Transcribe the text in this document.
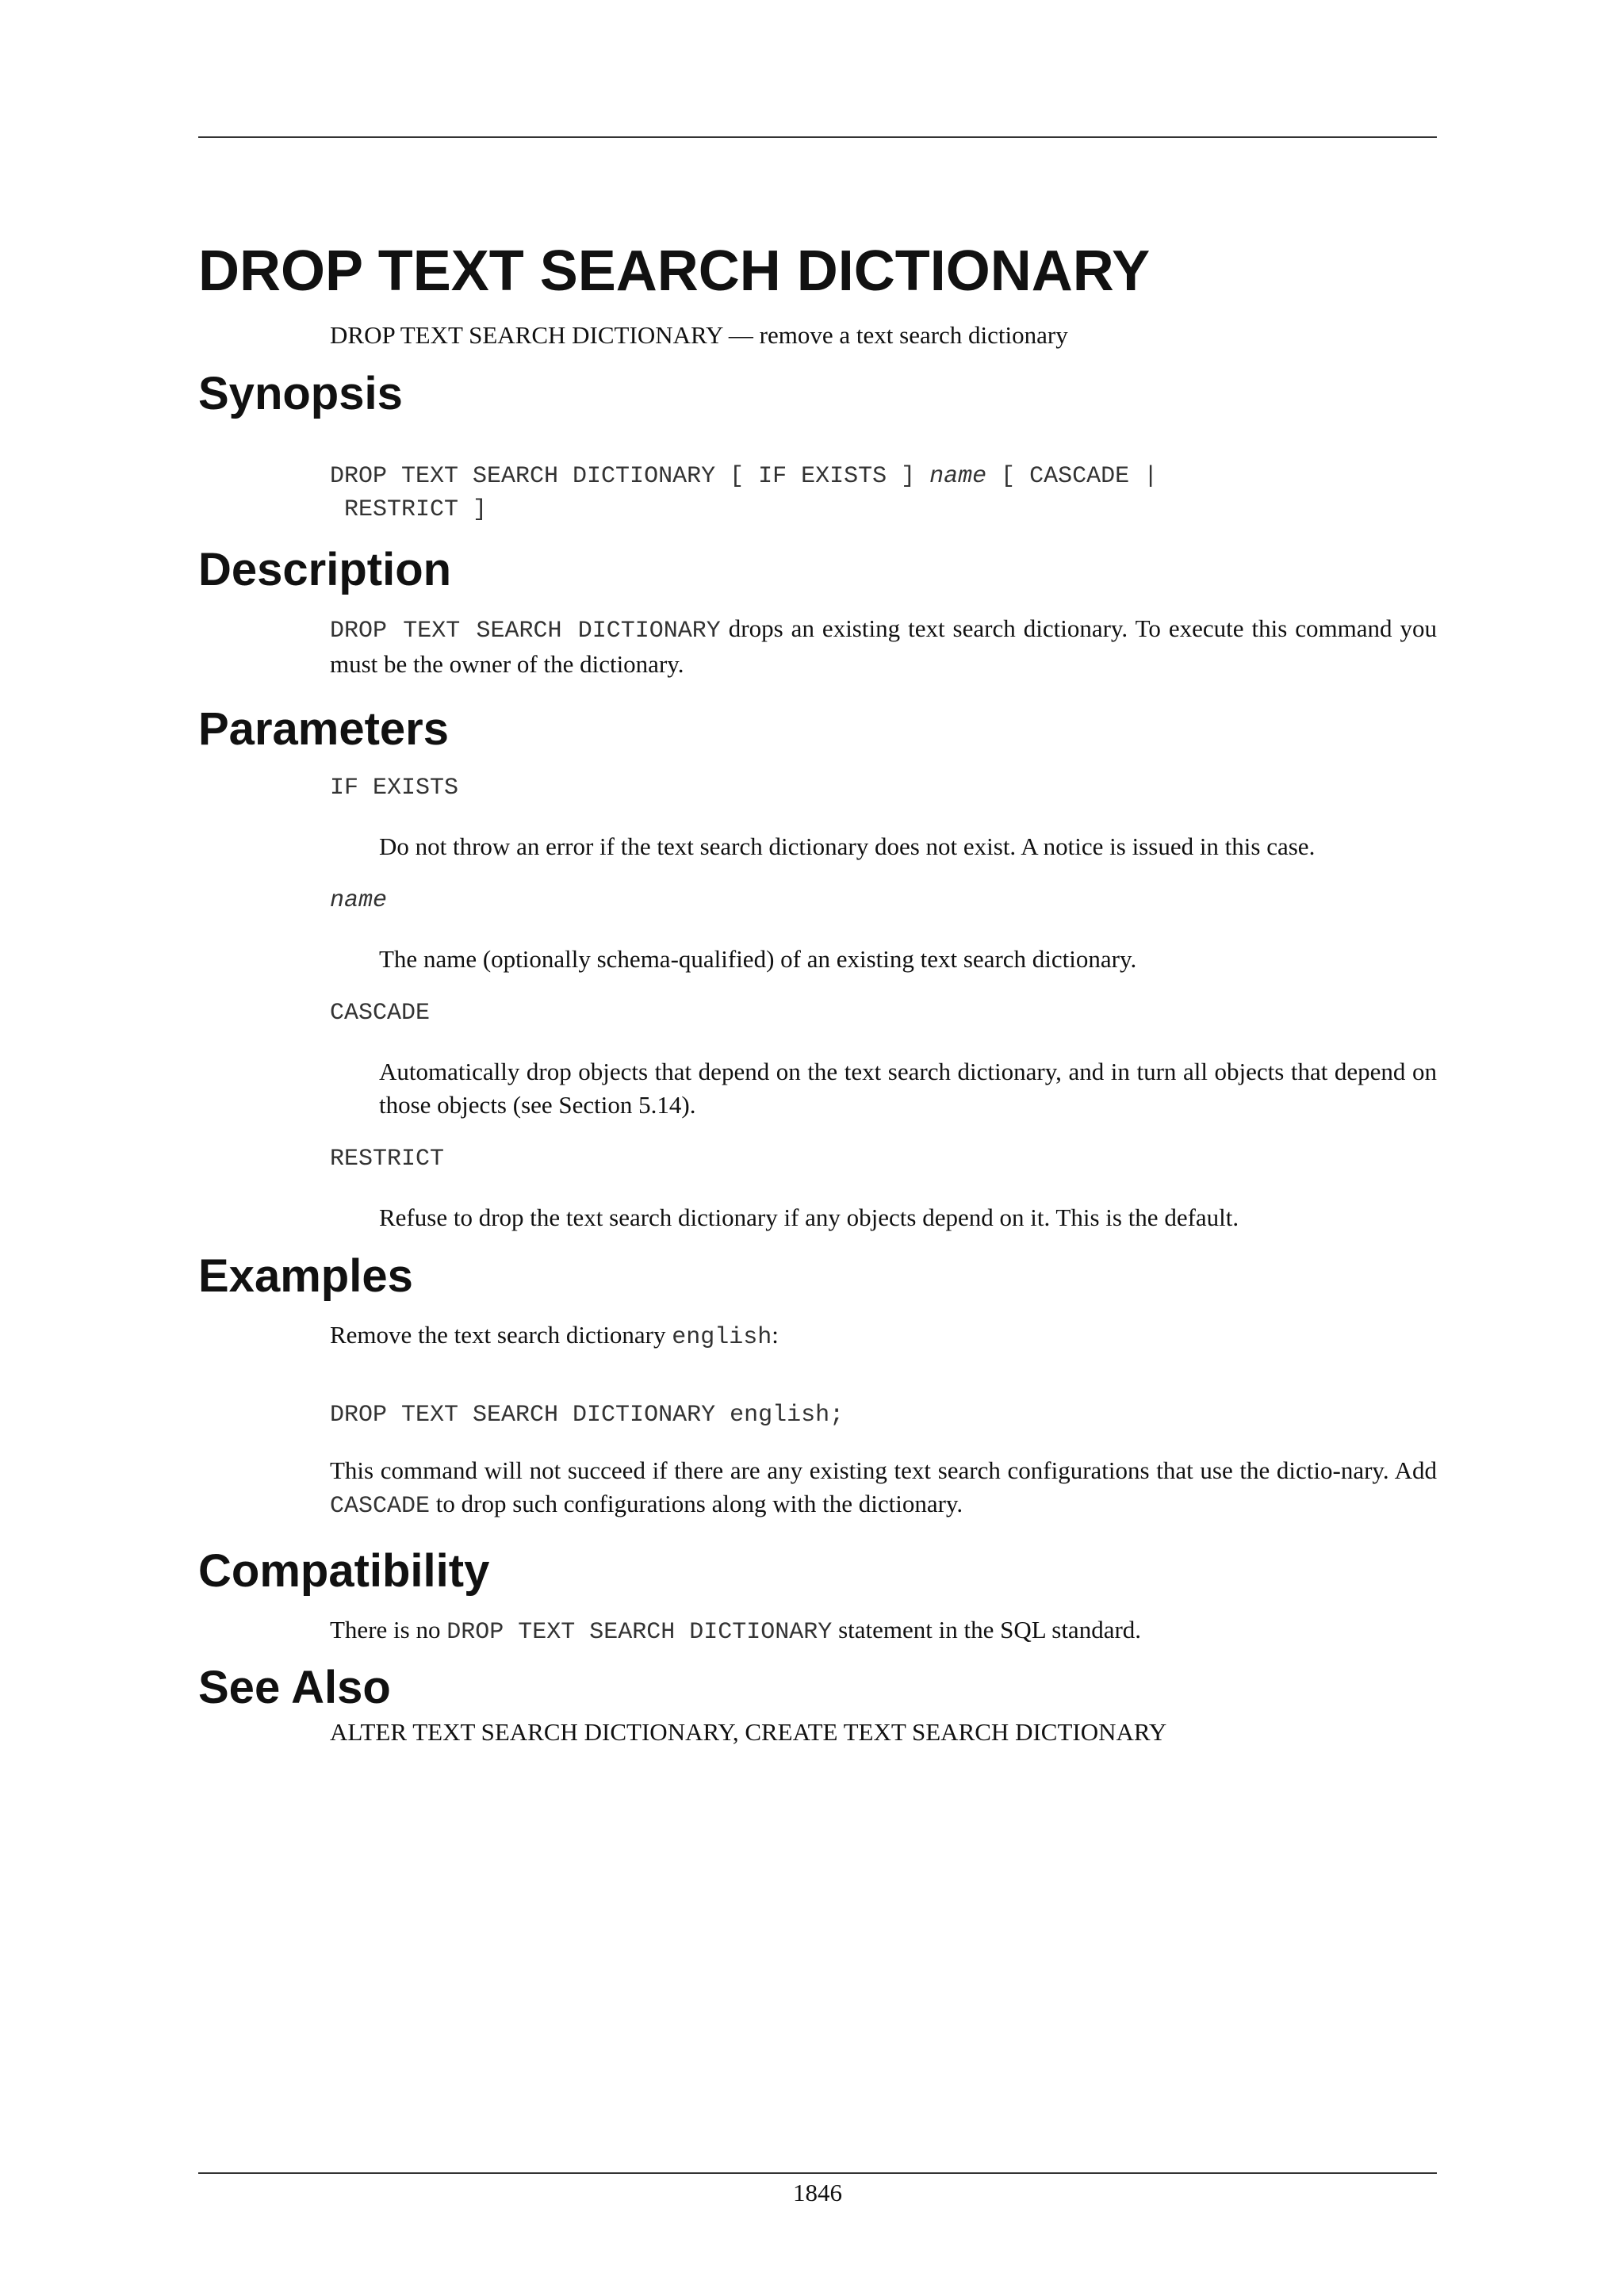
DROP TEXT SEARCH DICTIONARY

DROP TEXT SEARCH DICTIONARY — remove a text search dictionary

Synopsis
DROP TEXT SEARCH DICTIONARY [ IF EXISTS ] name [ CASCADE |
RESTRICT ]
Description

DROP TEXT SEARCH DICTIONARY drops an existing text search dictionary. To execute this command you must be the owner of the dictionary.

Parameters
IF EXISTS

Do not throw an error if the text search dictionary does not exist. A notice is issued in this case.

name

The name (optionally schema-qualified) of an existing text search dictionary.

CASCADE

Automatically drop objects that depend on the text search dictionary, and in turn all objects that depend on those objects (see Section 5.14).

RESTRICT

Refuse to drop the text search dictionary if any objects depend on it. This is the default.

Examples

Remove the text search dictionary english:

DROP TEXT SEARCH DICTIONARY english;

This command will not succeed if there are any existing text search configurations that use the dictio-nary. Add CASCADE to drop such configurations along with the dictionary.

Compatibility

There is no DROP TEXT SEARCH DICTIONARY statement in the SQL standard.

See Also

ALTER TEXT SEARCH DICTIONARY, CREATE TEXT SEARCH DICTIONARY

1846
